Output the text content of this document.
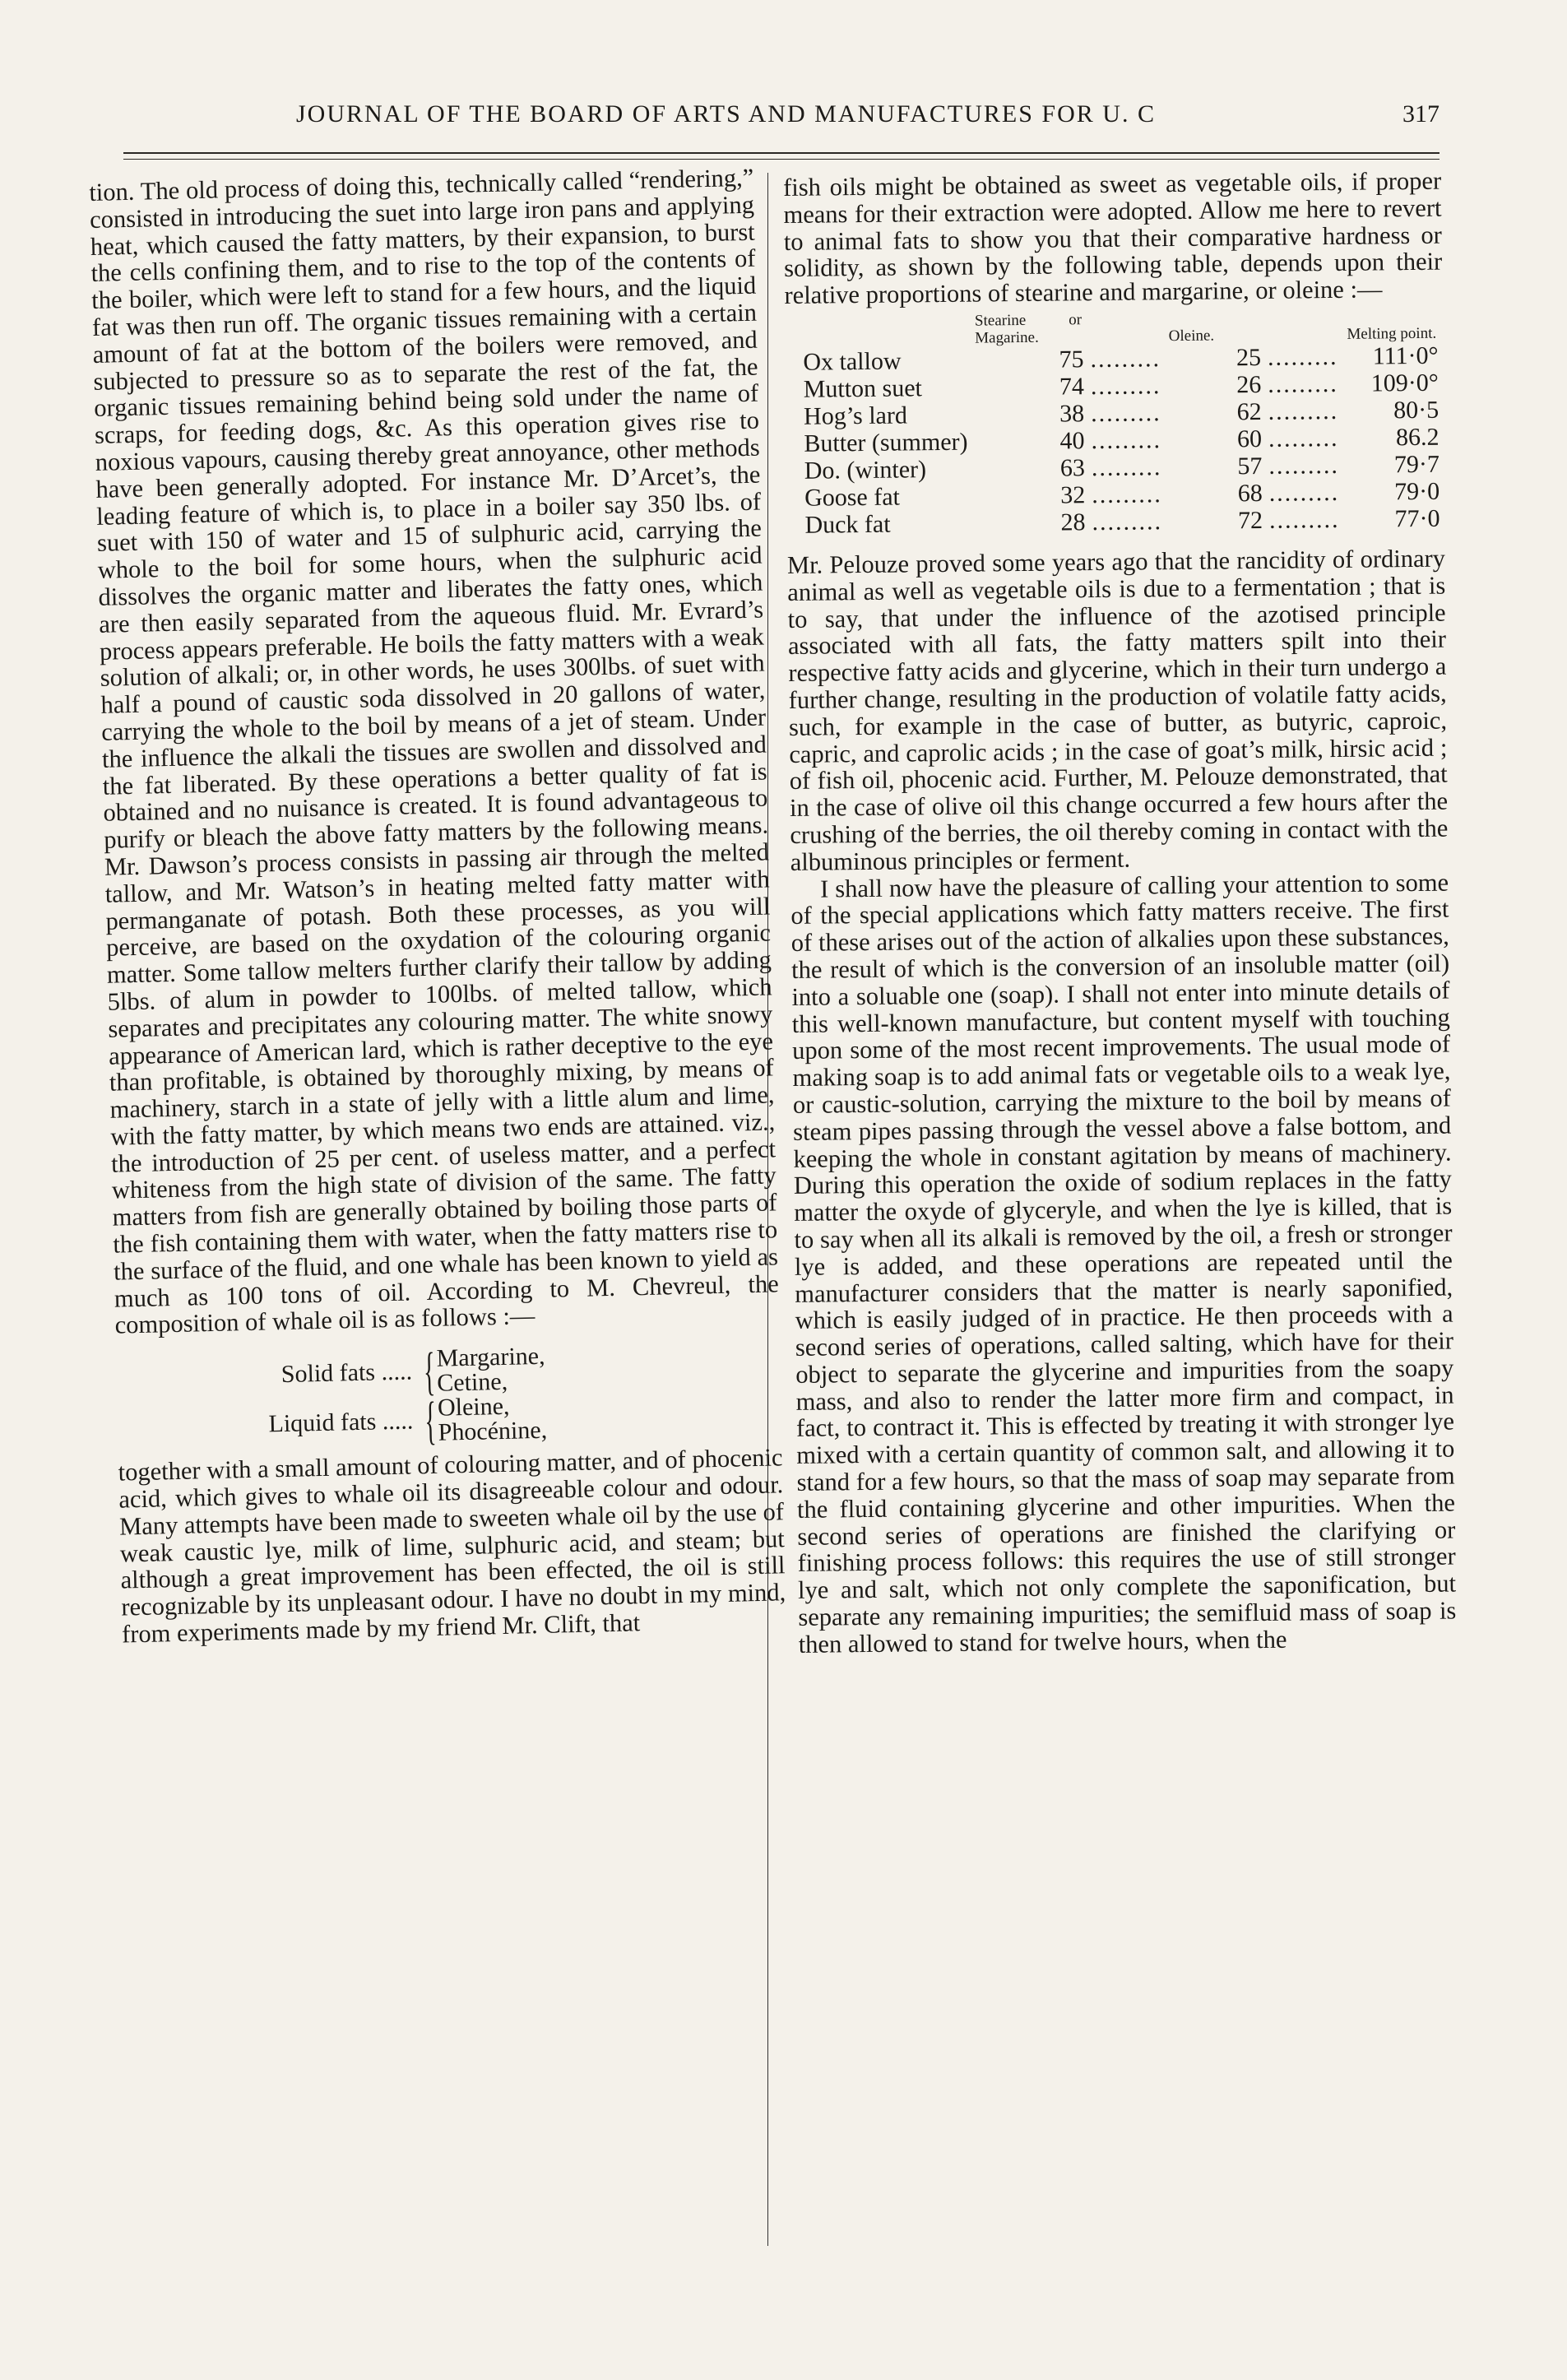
JOURNAL OF THE BOARD OF ARTS AND MANUFACTURES FOR U. C	317

tion. The old process of doing this, technically called “rendering,” consisted in introducing the suet into large iron pans and applying heat, which caused the fatty matters, by their expansion, to burst the cells confining them, and to rise to the top of the contents of the boiler, which were left to stand for a few hours, and the liquid fat was then run off. The organic tissues remaining with a certain amount of fat at the bottom of the boilers were removed, and subjected to pressure so as to separate the rest of the fat, the organic tissues remaining behind being sold under the name of scraps, for feeding dogs, &c. As this operation gives rise to noxious vapours, causing thereby great annoyance, other methods have been generally adopted. For instance Mr. D’Arcet’s, the leading feature of which is, to place in a boiler say 350 lbs. of suet with 150 of water and 15 of sulphuric acid, carrying the whole to the boil for some hours, when the sulphuric acid dissolves the organic matter and liberates the fatty ones, which are then easily separated from the aqueous fluid. Mr. Evrard’s process appears preferable. He boils the fatty matters with a weak solution of alkali; or, in other words, he uses 300lbs. of suet with half a pound of caustic soda dissolved in 20 gallons of water, carrying the whole to the boil by means of a jet of steam. Under the influence the alkali the tissues are swollen and dissolved and the fat liberated. By these operations a better quality of fat is obtained and no nuisance is created. It is found advantageous to purify or bleach the above fatty matters by the following means. Mr. Dawson’s process consists in passing air through the melted tallow, and Mr. Watson’s in heating melted fatty matter with permanganate of potash. Both these processes, as you will perceive, are based on the oxydation of the colouring organic matter. Some tallow melters further clarify their tallow by adding 5lbs. of alum in powder to 100lbs. of melted tallow, which separates and precipitates any colouring matter. The white snowy appearance of American lard, which is rather deceptive to the eye than profitable, is obtained by thoroughly mixing, by means of machinery, starch in a state of jelly with a little alum and lime, with the fatty matter, by which means two ends are attained. viz., the introduction of 25 per cent. of useless matter, and a perfect whiteness from the high state of division of the same. The fatty matters from fish are generally obtained by boiling those parts of the fish containing them with water, when the fatty matters rise to the surface of the fluid, and one whale has been known to yield as much as 100 tons of oil. According to M. Chevreul, the composition of whale oil is as follows :—

Solid fats ..... { Margarine,
Cetine,
Liquid fats ..... { Oleine,
Phocénine,

together with a small amount of colouring matter, and of phocenic acid, which gives to whale oil its disagreeable colour and odour. Many attempts have been made to sweeten whale oil by the use of weak caustic lye, milk of lime, sulphuric acid, and steam; but although a great improvement has been effected, the oil is still recognizable by its unpleasant odour. I have no doubt in my mind, from experiments made by my friend Mr. Clift, that

fish oils might be obtained as sweet as vegetable oils, if proper means for their extraction were adopted. Allow me here to revert to animal fats to show you that their comparative hardness or solidity, as shown by the following table, depends upon their relative proportions of stearine and margarine, or oleine :—

	Stearine or Magarine.		Oleine.		Melting point.
Ox tallow	75	.........	25	.........	111·0°
Mutton suet	74	.........	26	.........	109·0°
Hog’s lard	38	.........	62	.........	80·5
Butter (summer)	40	.........	60	.........	86.2
Do. (winter)	63	.........	57	.........	79·7
Goose fat	32	.........	68	.........	79·0
Duck fat	28	.........	72	.........	77·0

Mr. Pelouze proved some years ago that the rancidity of ordinary animal as well as vegetable oils is due to a fermentation ; that is to say, that under the influence of the azotised principle associated with all fats, the fatty matters spilt into their respective fatty acids and glycerine, which in their turn undergo a further change, resulting in the production of volatile fatty acids, such, for example in the case of butter, as butyric, caproic, capric, and caprolic acids ; in the case of goat’s milk, hirsic acid ; of fish oil, phocenic acid. Further, M. Pelouze demonstrated, that in the case of olive oil this change occurred a few hours after the crushing of the berries, the oil thereby coming in contact with the albuminous principles or ferment.

I shall now have the pleasure of calling your attention to some of the special applications which fatty matters receive. The first of these arises out of the action of alkalies upon these substances, the result of which is the conversion of an insoluble matter (oil) into a soluable one (soap). I shall not enter into minute details of this well-known manufacture, but content myself with touching upon some of the most recent improvements. The usual mode of making soap is to add animal fats or vegetable oils to a weak lye, or caustic-solution, carrying the mixture to the boil by means of steam pipes passing through the vessel above a false bottom, and keeping the whole in constant agitation by means of machinery. During this operation the oxide of sodium replaces in the fatty matter the oxyde of glyceryle, and when the lye is killed, that is to say when all its alkali is removed by the oil, a fresh or stronger lye is added, and these operations are repeated until the manufacturer considers that the matter is nearly saponified, which is easily judged of in practice. He then proceeds with a second series of operations, called salting, which have for their object to separate the glycerine and impurities from the soapy mass, and also to render the latter more firm and compact, in fact, to contract it. This is effected by treating it with stronger lye mixed with a certain quantity of common salt, and allowing it to stand for a few hours, so that the mass of soap may separate from the fluid containing glycerine and other impurities. When the second series of operations are finished the clarifying or finishing process follows: this requires the use of still stronger lye and salt, which not only complete the saponification, but separate any remaining impurities; the semifluid mass of soap is then allowed to stand for twelve hours, when the
